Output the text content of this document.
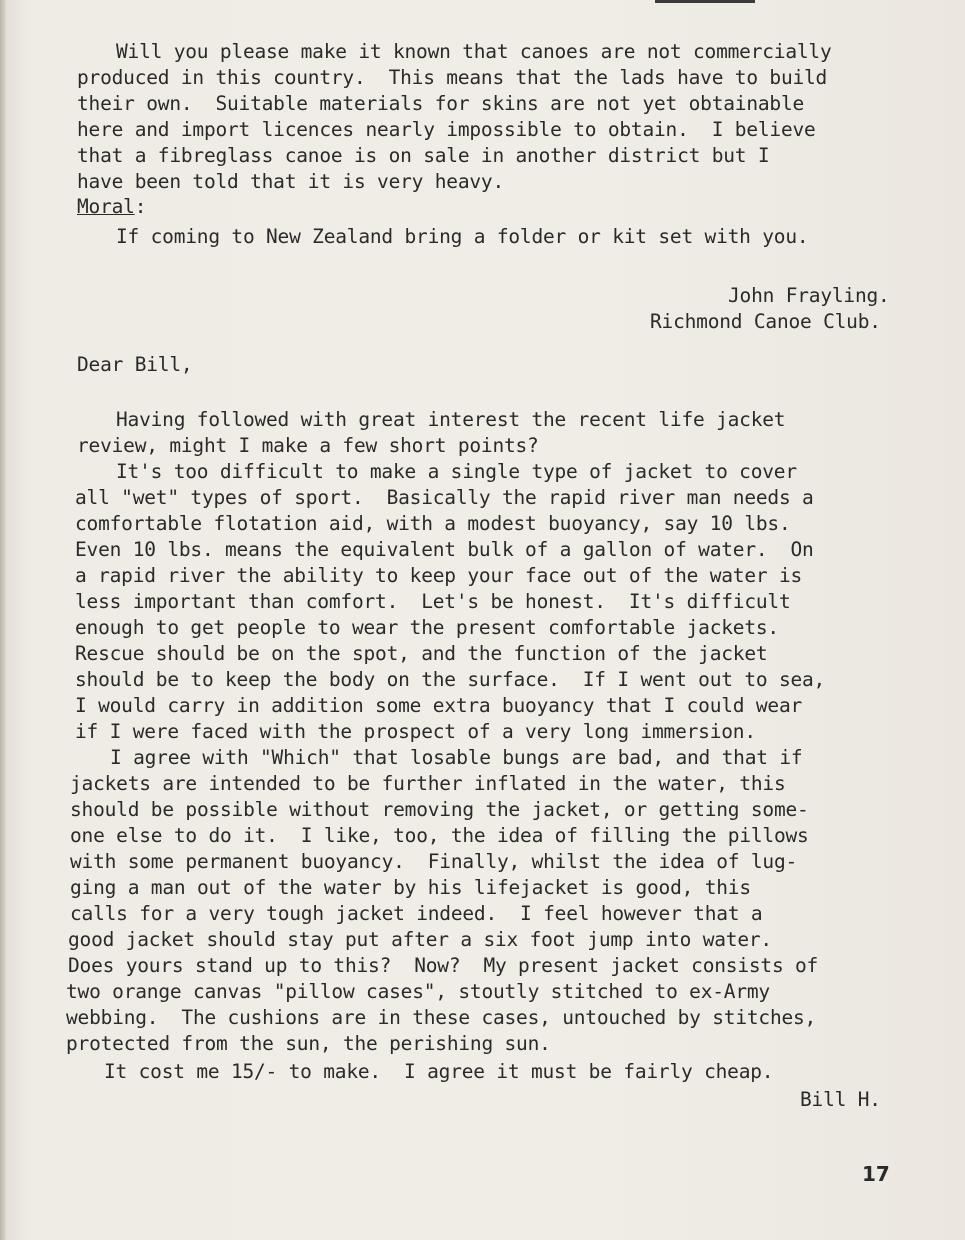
Will you please make it known that canoes are not commercially
produced in this country.  This means that the lads have to build
their own.  Suitable materials for skins are not yet obtainable
here and import licences nearly impossible to obtain.  I believe
that a fibreglass canoe is on sale in another district but I
have been told that it is very heavy.
Moral:
If coming to New Zealand bring a folder or kit set with you.
John Frayling.
Richmond Canoe Club.
Dear Bill,
Having followed with great interest the recent life jacket
review, might I make a few short points?
It's too difficult to make a single type of jacket to cover
all "wet" types of sport.  Basically the rapid river man needs a
comfortable flotation aid, with a modest buoyancy, say 10 lbs.
Even 10 lbs. means the equivalent bulk of a gallon of water.  On
a rapid river the ability to keep your face out of the water is
less important than comfort.  Let's be honest.  It's difficult
enough to get people to wear the present comfortable jackets.
Rescue should be on the spot, and the function of the jacket
should be to keep the body on the surface.  If I went out to sea,
I would carry in addition some extra buoyancy that I could wear
if I were faced with the prospect of a very long immersion.
I agree with "Which" that losable bungs are bad, and that if
jackets are intended to be further inflated in the water, this
should be possible without removing the jacket, or getting some-
one else to do it.  I like, too, the idea of filling the pillows
with some permanent buoyancy.  Finally, whilst the idea of lug-
ging a man out of the water by his lifejacket is good, this
calls for a very tough jacket indeed.  I feel however that a
good jacket should stay put after a six foot jump into water.
Does yours stand up to this?  Now?  My present jacket consists of
two orange canvas "pillow cases", stoutly stitched to ex-Army
webbing.  The cushions are in these cases, untouched by stitches,
protected from the sun, the perishing sun.
It cost me 15/- to make.  I agree it must be fairly cheap.
Bill H.
17
